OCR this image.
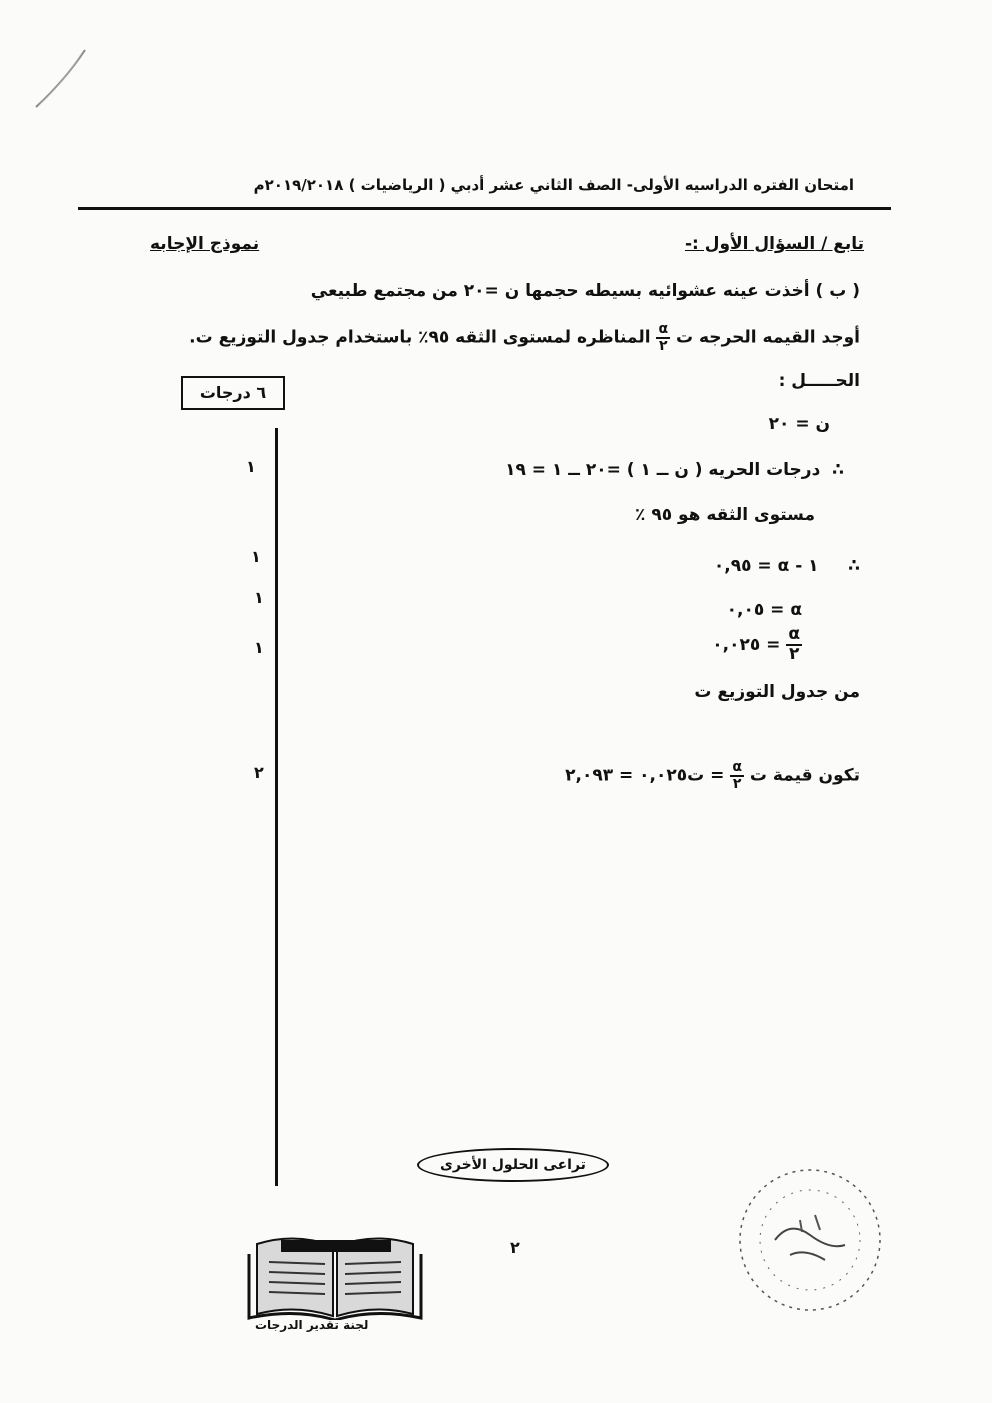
امتحان الفتره الدراسيه الأولى- الصف الثاني عشر أدبي ( الرياضيات ) ٢٠١٩/٢٠١٨م
تابع / السؤال الأول :-
نموذج الإجابه
( ب ) أخذت عينه عشوائيه بسيطه حجمها ن =٢٠ من مجتمع طبيعي
أوجد القيمه الحرجه ت
$\frac{\alpha}{٢}$
المناظره لمستوى الثقه ٩٥٪ باستخدام جدول التوزيع ت.
الحـــــل :
٦ درجات
ن = ٢٠
∴  درجات الحريه ( ن ــ ١ ) =٢٠ ــ ١ = ١٩
مستوى الثقه هو ٩٥ ٪
∴     ١ - α = ٠,٩٥
α = ٠,٠٥
$\frac{\alpha}{٢}$
= ٠,٠٢٥
من جدول التوزيع ت
تكون قيمة ت
$\frac{\alpha}{٢}$
= ت٠,٠٢٥ = ٢,٠٩٣
١
١
١
١
٢
تراعى الحلول الأخرى
٢
لجنة تقدير الدرجات
